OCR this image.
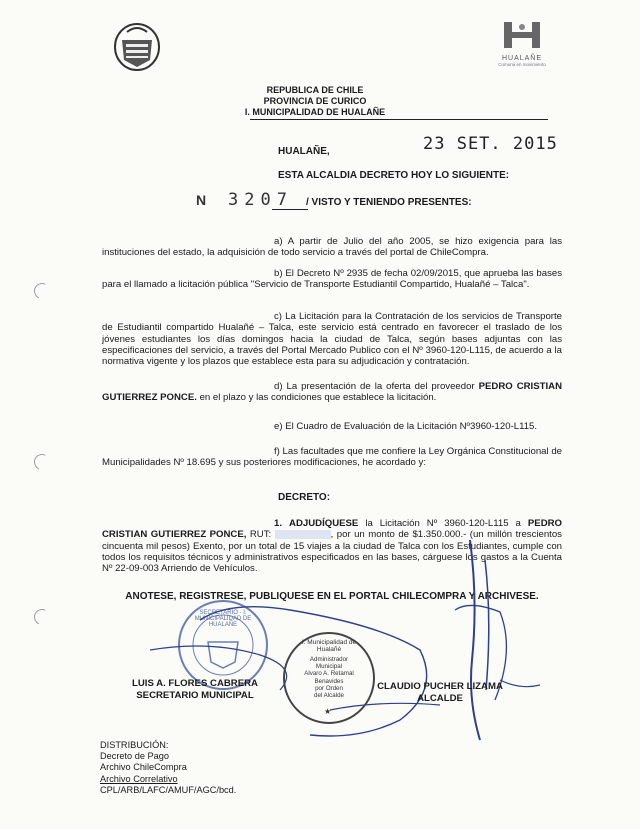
HUALAÑE
Comuna en movimiento
REPUBLICA DE CHILE
PROVINCIA DE CURICO
I. MUNICIPALIDAD DE HUALAÑE
HUALAÑE,	23 SET. 2015
ESTA ALCALDIA DECRETO HOY LO SIGUIENTE:
N 3207 / VISTO Y TENIENDO PRESENTES:
a) A partir de Julio del año 2005, se hizo exigencia para las instituciones del estado, la adquisición de todo servicio a través del portal de ChileCompra.
b) El Decreto Nº 2935 de fecha 02/09/2015, que aprueba las bases para el llamado a licitación pública "Servicio de Transporte Estudiantil Compartido, Hualañé – Talca".
c) La Licitación para la Contratación de los servicios de Transporte de Estudiantil compartido Hualañé – Talca, este servicio está centrado en favorecer el traslado de los jóvenes estudiantes los días domingos hacia la ciudad de Talca, según bases adjuntas con las especificaciones del servicio, a través del Portal Mercado Publico con el Nº 3960-120-L115, de acuerdo a la normativa vigente y los plazos que establece esta para su adjudicación y contratación.
d) La presentación de la oferta del proveedor PEDRO CRISTIAN GUTIERREZ PONCE. en el plazo y las condiciones que establece la licitación.
e) El Cuadro de Evaluación de la Licitación Nº3960-120-L115.
f) Las facultades que me confiere la Ley Orgánica Constitucional de Municipalidades Nº 18.695 y sus posteriores modificaciones, he acordado y:
DECRETO:
1. ADJUDÍQUESE la Licitación Nº 3960-120-L115 a PEDRO CRISTIAN GUTIERREZ PONCE, RUT:	, por un monto de $1.350.000.- (un millón trescientos cincuenta mil pesos) Exento, por un total de 15 viajes a la ciudad de Talca con los Estudiantes, cumple con todos los requisitos técnicos y administrativos especificados en las bases, cárguese los gastos a la Cuenta Nº 22-09-003 Arriendo de Vehículos.
ANOTESE, REGISTRESE, PUBLIQUESE EN EL PORTAL CHILECOMPRA Y ARCHIVESE.
SECRETARIO · I. MUNICIPALIDAD DE HUALAÑE
I. Municipalidad de Hualañé
Administrador
Municipal
Alvaro A. Retamal
Benavides
por Orden
del Alcalde
★
LUIS A. FLORES CABRERA
SECRETARIO MUNICIPAL
CLAUDIO PUCHER LIZAMA
ALCALDE
DISTRIBUCIÓN:
Decreto de Pago
Archivo ChileCompra
Archivo Correlativo
CPL/ARB/LAFC/AMUF/AGC/bcd.
